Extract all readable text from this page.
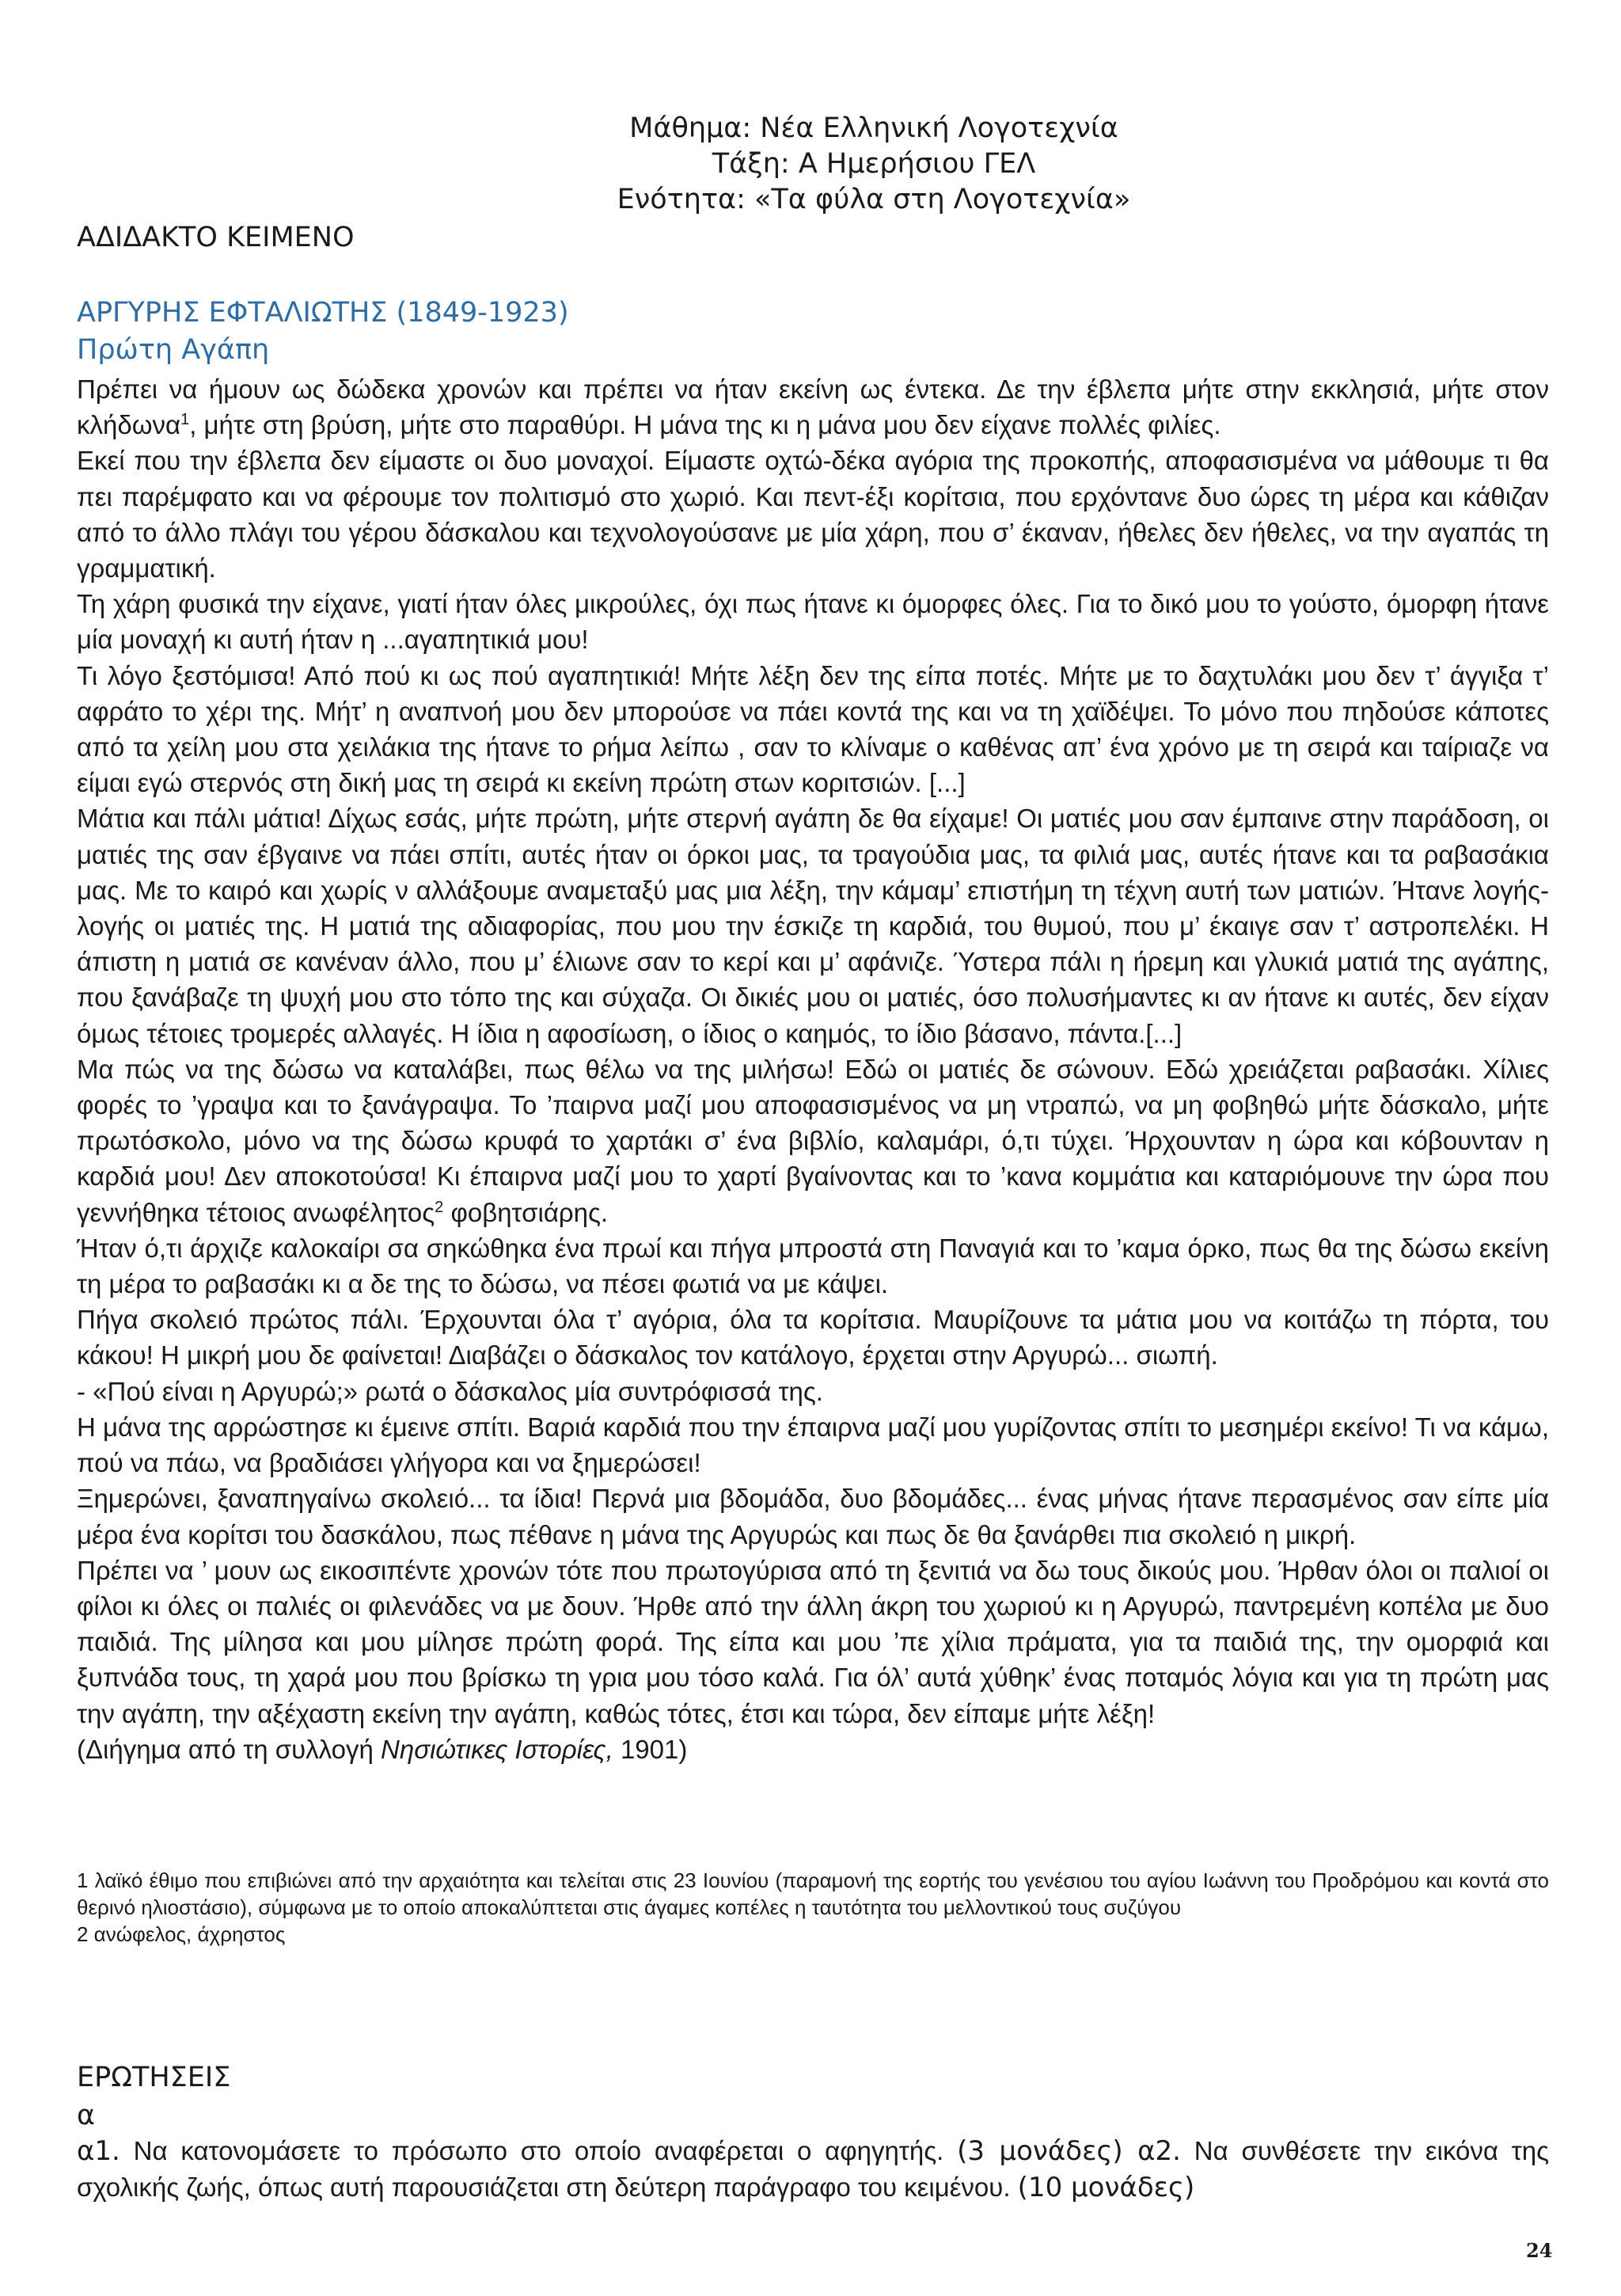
Μάθημα: Νέα Ελληνική Λογοτεχνία
Τάξη: Α Ημερήσιου ΓΕΛ
Ενότητα: «Τα φύλα στη Λογοτεχνία»
ΑΔΙΔΑΚΤΟ ΚΕΙΜΕΝΟ
ΑΡΓΥΡΗΣ ΕΦΤΑΛΙΩΤΗΣ (1849-1923)
Πρώτη Αγάπη

Πρέπει να ήμουν ως δώδεκα χρονών και πρέπει να ήταν εκείνη ως έντεκα. Δε την έβλεπα μήτε στην εκκλησιά, μήτε στον κλήδωνα$^1$, μήτε στη βρύση, μήτε στο παραθύρι. Η μάνα της κι η μάνα μου δεν είχανε πολλές φιλίες.

Εκεί που την έβλεπα δεν είμαστε οι δυο μοναχοί. Είμαστε οχτώ-δέκα αγόρια της προκοπής, αποφασισμένα να μάθουμε τι θα πει παρέμφατο και να φέρουμε τον πολιτισμό στο χωριό. Και πεντ-έξι κορίτσια, που ερχόντανε δυο ώρες τη μέρα και κάθιζαν από το άλλο πλάγι του γέρου δάσκαλου και τεχνολογούσανε με μία χάρη, που σ’ έκαναν, ήθελες δεν ήθελες, να την αγαπάς τη γραμματική.

Τη χάρη φυσικά την είχανε, γιατί ήταν όλες μικρούλες, όχι πως ήτανε κι όμορφες όλες. Για το δικό μου το γούστο, όμορφη ήτανε μία μοναχή κι αυτή ήταν η ...αγαπητικιά μου!

Τι λόγο ξεστόμισα! Από πού κι ως πού αγαπητικιά! Μήτε λέξη δεν της είπα ποτές. Μήτε με το δαχτυλάκι μου δεν τ’ άγγιξα τ’ αφράτο το χέρι της. Μήτ’ η αναπνοή μου δεν μπορούσε να πάει κοντά της και να τη χαϊδέψει. Το μόνο που πηδούσε κάποτες από τα χείλη μου στα χειλάκια της ήτανε το ρήμα λείπω , σαν το κλίναμε ο καθένας απ’ ένα χρόνο με τη σειρά και ταίριαζε να είμαι εγώ στερνός στη δική μας τη σειρά κι εκείνη πρώτη στων κοριτσιών. [...]

Μάτια και πάλι μάτια! Δίχως εσάς, μήτε πρώτη, μήτε στερνή αγάπη δε θα είχαμε! Οι ματιές μου σαν έμπαινε στην παράδοση, οι ματιές της σαν έβγαινε να πάει σπίτι, αυτές ήταν οι όρκοι μας, τα τραγούδια μας, τα φιλιά μας, αυτές ήτανε και τα ραβασάκια μας. Με το καιρό και χωρίς ν αλλάξουμε αναμεταξύ μας μια λέξη, την κάμαμ’ επιστήμη τη τέχνη αυτή των ματιών. Ήτανε λογής-λογής οι ματιές της. Η ματιά της αδιαφορίας, που μου την έσκιζε τη καρδιά, του θυμού, που μ’ έκαιγε σαν τ’ αστροπελέκι. Η άπιστη η ματιά σε κανέναν άλλο, που μ’ έλιωνε σαν το κερί και μ’ αφάνιζε. Ύστερα πάλι η ήρεμη και γλυκιά ματιά της αγάπης, που ξανάβαζε τη ψυχή μου στο τόπο της και σύχαζα. Οι δικιές μου οι ματιές, όσο πολυσήμαντες κι αν ήτανε κι αυτές, δεν είχαν όμως τέτοιες τρομερές αλλαγές. Η ίδια η αφοσίωση, ο ίδιος ο καημός, το ίδιο βάσανο, πάντα.[...]

Μα πώς να της δώσω να καταλάβει, πως θέλω να της μιλήσω! Εδώ οι ματιές δε σώνουν. Εδώ χρειάζεται ραβασάκι. Χίλιες φορές το ’γραψα και το ξανάγραψα. Το ’παιρνα μαζί μου αποφασισμένος να μη ντραπώ, να μη φοβηθώ μήτε δάσκαλο, μήτε πρωτόσκολο, μόνο να της δώσω κρυφά το χαρτάκι σ’ ένα βιβλίο, καλαμάρι, ό,τι τύχει. Ήρχουνταν η ώρα και κόβουνταν η καρδιά μου! Δεν αποκοτούσα! Κι έπαιρνα μαζί μου το χαρτί βγαίνοντας και το ’κανα κομμάτια και καταριόμουνε την ώρα που γεννήθηκα τέτοιος ανωφέλητος$^2$ φοβητσιάρης.

Ήταν ό,τι άρχιζε καλοκαίρι σα σηκώθηκα ένα πρωί και πήγα μπροστά στη Παναγιά και το ’καμα όρκο, πως θα της δώσω εκείνη τη μέρα το ραβασάκι κι α δε της το δώσω, να πέσει φωτιά να με κάψει.

Πήγα σκολειό πρώτος πάλι. Έρχουνται όλα τ’ αγόρια, όλα τα κορίτσια. Μαυρίζουνε τα μάτια μου να κοιτάζω τη πόρτα, του κάκου! Η μικρή μου δε φαίνεται! Διαβάζει ο δάσκαλος τον κατάλογο, έρχεται στην Αργυρώ... σιωπή.

- «Πού είναι η Αργυρώ;» ρωτά ο δάσκαλος μία συντρόφισσά της.

Η μάνα της αρρώστησε κι έμεινε σπίτι. Βαριά καρδιά που την έπαιρνα μαζί μου γυρίζοντας σπίτι το μεσημέρι εκείνο! Τι να κάμω, πού να πάω, να βραδιάσει γλήγορα και να ξημερώσει!

Ξημερώνει, ξαναπηγαίνω σκολειό... τα ίδια! Περνά μια βδομάδα, δυο βδομάδες... ένας μήνας ήτανε περασμένος σαν είπε μία μέρα ένα κορίτσι του δασκάλου, πως πέθανε η μάνα της Αργυρώς και πως δε θα ξανάρθει πια σκολειό η μικρή.

Πρέπει να ’ μουν ως εικοσιπέντε χρονών τότε που πρωτογύρισα από τη ξενιτιά να δω τους δικούς μου. Ήρθαν όλοι οι παλιοί οι φίλοι κι όλες οι παλιές οι φιλενάδες να με δουν. Ήρθε από την άλλη άκρη του χωριού κι η Αργυρώ, παντρεμένη κοπέλα με δυο παιδιά. Της μίλησα και μου μίλησε πρώτη φορά. Της είπα και μου ’πε χίλια πράματα, για τα παιδιά της, την ομορφιά και ξυπνάδα τους, τη χαρά μου που βρίσκω τη γρια μου τόσο καλά. Για όλ’ αυτά χύθηκ’ ένας ποταμός λόγια και για τη πρώτη μας την αγάπη, την αξέχαστη εκείνη την αγάπη, καθώς τότες, έτσι και τώρα, δεν είπαμε μήτε λέξη!

(Διήγημα από τη συλλογή Νησιώτικες Ιστορίες, 1901)

1 λαϊκό έθιμο που επιβιώνει από την αρχαιότητα και τελείται στις 23 Ιουνίου (παραμονή της εορτής του γενέσιου του αγίου Ιωάννη του Προδρόμου και κοντά στο θερινό ηλιοστάσιο), σύμφωνα με το οποίο αποκαλύπτεται στις άγαμες κοπέλες η ταυτότητα του μελλοντικού τους συζύγου

2 ανώφελος, άχρηστος

ΕΡΩΤΗΣΕΙΣ
α

α1. Να κατονομάσετε το πρόσωπο στο οποίο αναφέρεται ο αφηγητής. (3 μονάδες) α2. Να συνθέσετε την εικόνα της σχολικής ζωής, όπως αυτή παρουσιάζεται στη δεύτερη παράγραφο του κειμένου. (10 μονάδες)

24
